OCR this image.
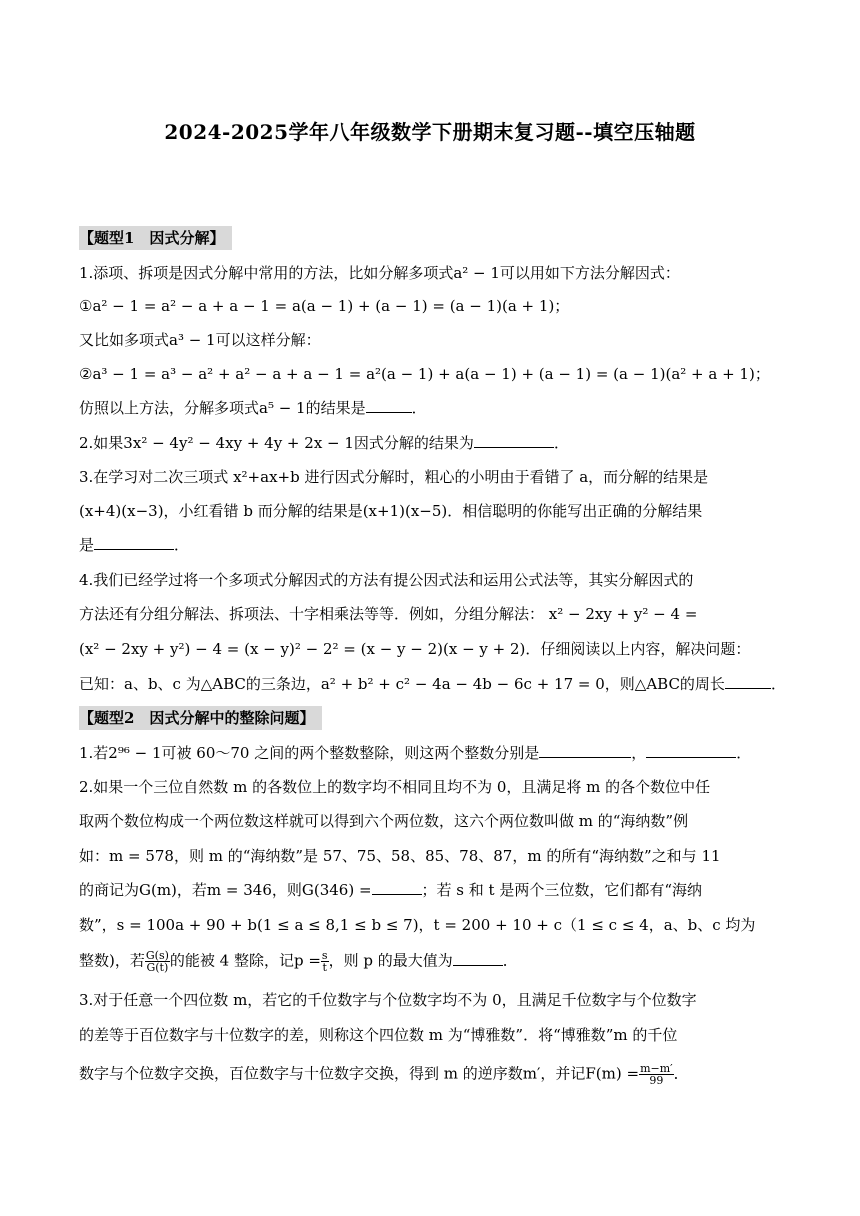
2024-2025学年八年级数学下册期末复习题--填空压轴题
【题型1　因式分解】
1.添项、拆项是因式分解中常用的方法，比如分解多项式a² − 1可以用如下方法分解因式：
①a² − 1 = a² − a + a − 1 = a(a − 1) + (a − 1) = (a − 1)(a + 1)；
又比如多项式a³ − 1可以这样分解：
②a³ − 1 = a³ − a² + a² − a + a − 1 = a²(a − 1) + a(a − 1) + (a − 1) = (a − 1)(a² + a + 1)；
仿照以上方法，分解多项式a⁵ − 1的结果是	．
2.如果3x² − 4y² − 4xy + 4y + 2x − 1因式分解的结果为	．
3.在学习对二次三项式 x²+ax+b 进行因式分解时，粗心的小明由于看错了 a，而分解的结果是
(x+4)(x−3)，小红看错 b 而分解的结果是(x+1)(x−5)．相信聪明的你能写出正确的分解结果
是	．
4.我们已经学过将一个多项式分解因式的方法有提公因式法和运用公式法等，其实分解因式的
方法还有分组分解法、拆项法、十字相乘法等等．例如，分组分解法： x² − 2xy + y² − 4 =
(x² − 2xy + y²) − 4 = (x − y)² − 2² = (x − y − 2)(x − y + 2)．仔细阅读以上内容，解决问题：
已知：a、b、c 为△ABC的三条边，a² + b² + c² − 4a − 4b − 6c + 17 = 0，则△ABC的周长	．
【题型2　因式分解中的整除问题】
1.若2⁹⁶ − 1可被 60～70 之间的两个整数整除，则这两个整数分别是	，	．
2.如果一个三位自然数 m 的各数位上的数字均不相同且均不为 0，且满足将 m 的各个数位中任
取两个数位构成一个两位数这样就可以得到六个两位数，这六个两位数叫做 m 的“海纳数”例
如：m = 578，则 m 的“海纳数”是 57、75、58、85、78、87，m 的所有“海纳数”之和与 11
的商记为G(m)，若m = 346，则G(346) =	；若 s 和 t 是两个三位数，它们都有“海纳
数”，s = 100a + 90 + b(1 ≤ a ≤ 8,1 ≤ b ≤ 7)，t = 200 + 10 + c（1 ≤ c ≤ 4，a、b、c 均为
整数)，若 $\frac{G(s)}{G(t)}$ 的能被 4 整除，记$p = \frac{s}{t}$ ，则 p 的最大值为	．
3.对于任意一个四位数 m，若它的千位数字与个位数字均不为 0，且满足千位数字与个位数字
的差等于百位数字与十位数字的差，则称这个四位数 m 为“博雅数”．将“博雅数”m 的千位
数字与个位数字交换，百位数字与十位数字交换，得到 m 的逆序数m′，并记$F(m) = \frac{m-m'}{99}$ ．
